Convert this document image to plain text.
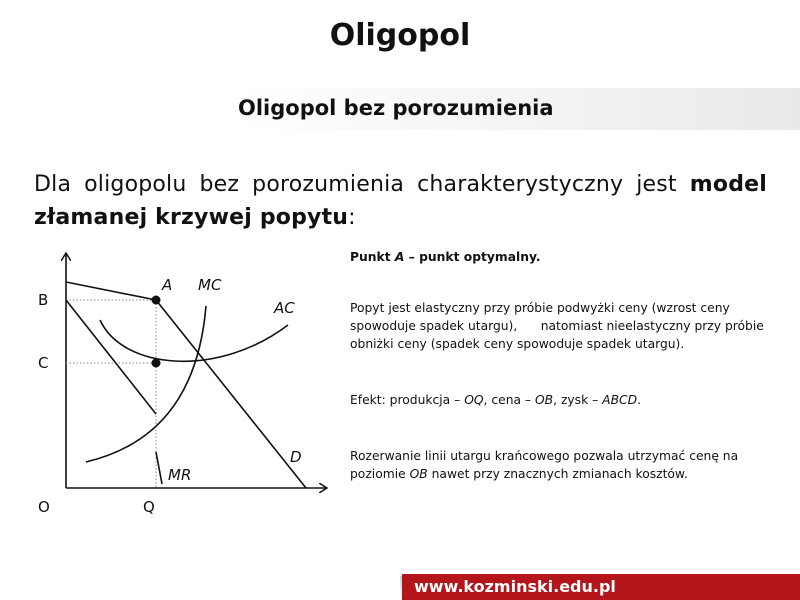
Oligopol
Oligopol bez porozumienia
Dla oligopolu bez porozumienia charakterystyczny jest model złamanej krzywej popytu:
B
C
O	Q
A MC
AC
D
MR

Punkt A – punkt optymalny.

Popyt jest elastyczny przy próbie podwyżki ceny (wzrost ceny spowoduje spadek utargu),      natomiast nieelastyczny przy próbie obniżki ceny (spadek ceny spowoduje spadek utargu).

Efekt: produkcja – OQ, cena – OB, zysk – ABCD.

Rozerwanie linii utargu krańcowego pozwala utrzymać cenę na poziomie OB nawet przy znacznych zmianach kosztów.

www.kozminski.edu.pl
